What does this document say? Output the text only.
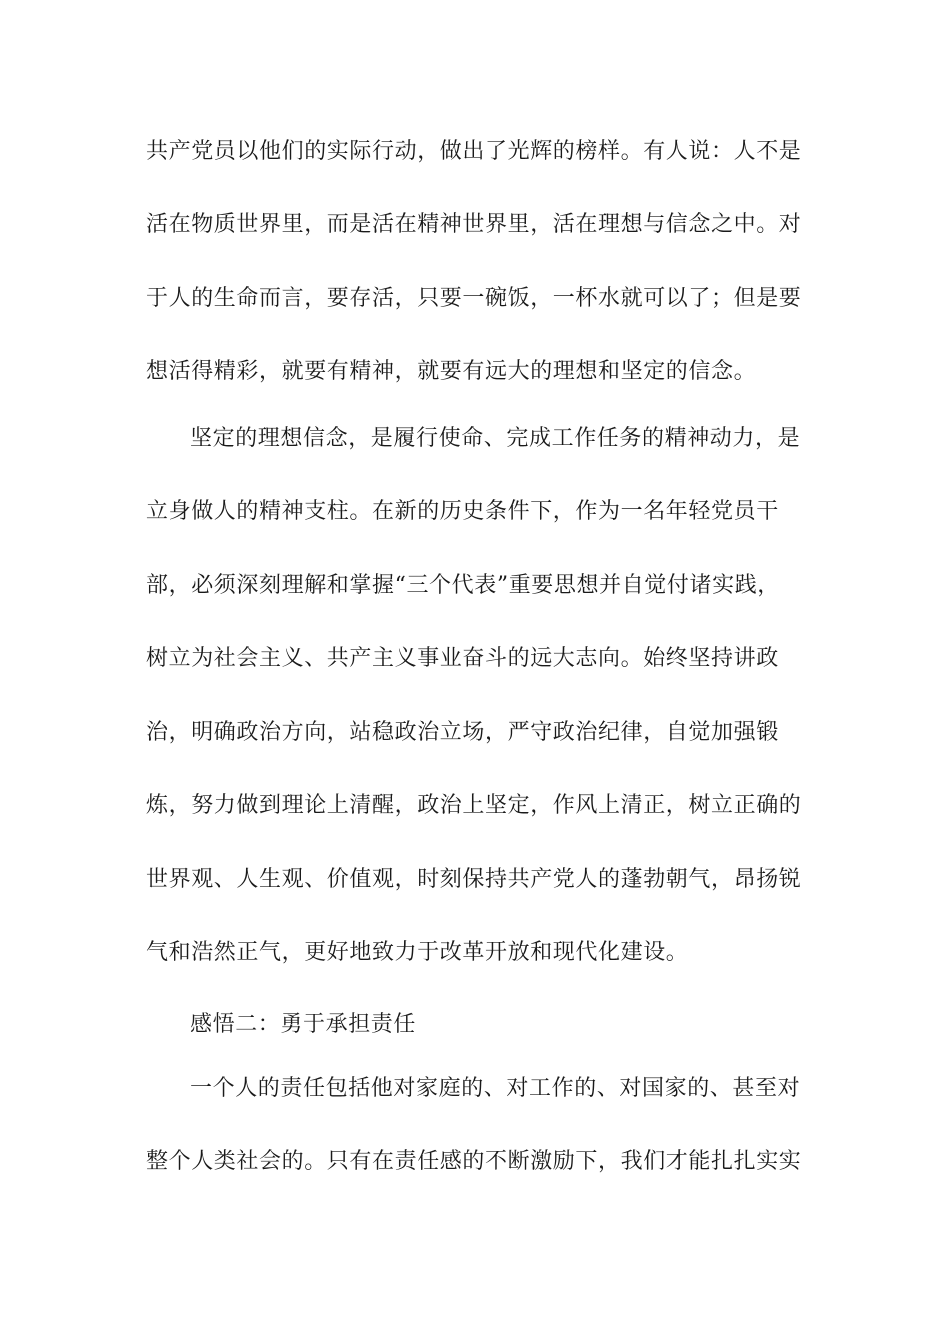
共产党员以他们的实际行动，做出了光辉的榜样。有人说：人不是
活在物质世界里，而是活在精神世界里，活在理想与信念之中。对
于人的生命而言，要存活，只要一碗饭，一杯水就可以了；但是要
想活得精彩，就要有精神，就要有远大的理想和坚定的信念。
坚定的理想信念，是履行使命、完成工作任务的精神动力，是
立身做人的精神支柱。在新的历史条件下，作为一名年轻党员干
部，必须深刻理解和掌握“三个代表”重要思想并自觉付诸实践，
树立为社会主义、共产主义事业奋斗的远大志向。始终坚持讲政
治，明确政治方向，站稳政治立场，严守政治纪律，自觉加强锻
炼，努力做到理论上清醒，政治上坚定，作风上清正，树立正确的
世界观、人生观、价值观，时刻保持共产党人的蓬勃朝气，昂扬锐
气和浩然正气，更好地致力于改革开放和现代化建设。
感悟二：勇于承担责任
一个人的责任包括他对家庭的、对工作的、对国家的、甚至对
整个人类社会的。只有在责任感的不断激励下，我们才能扎扎实实
